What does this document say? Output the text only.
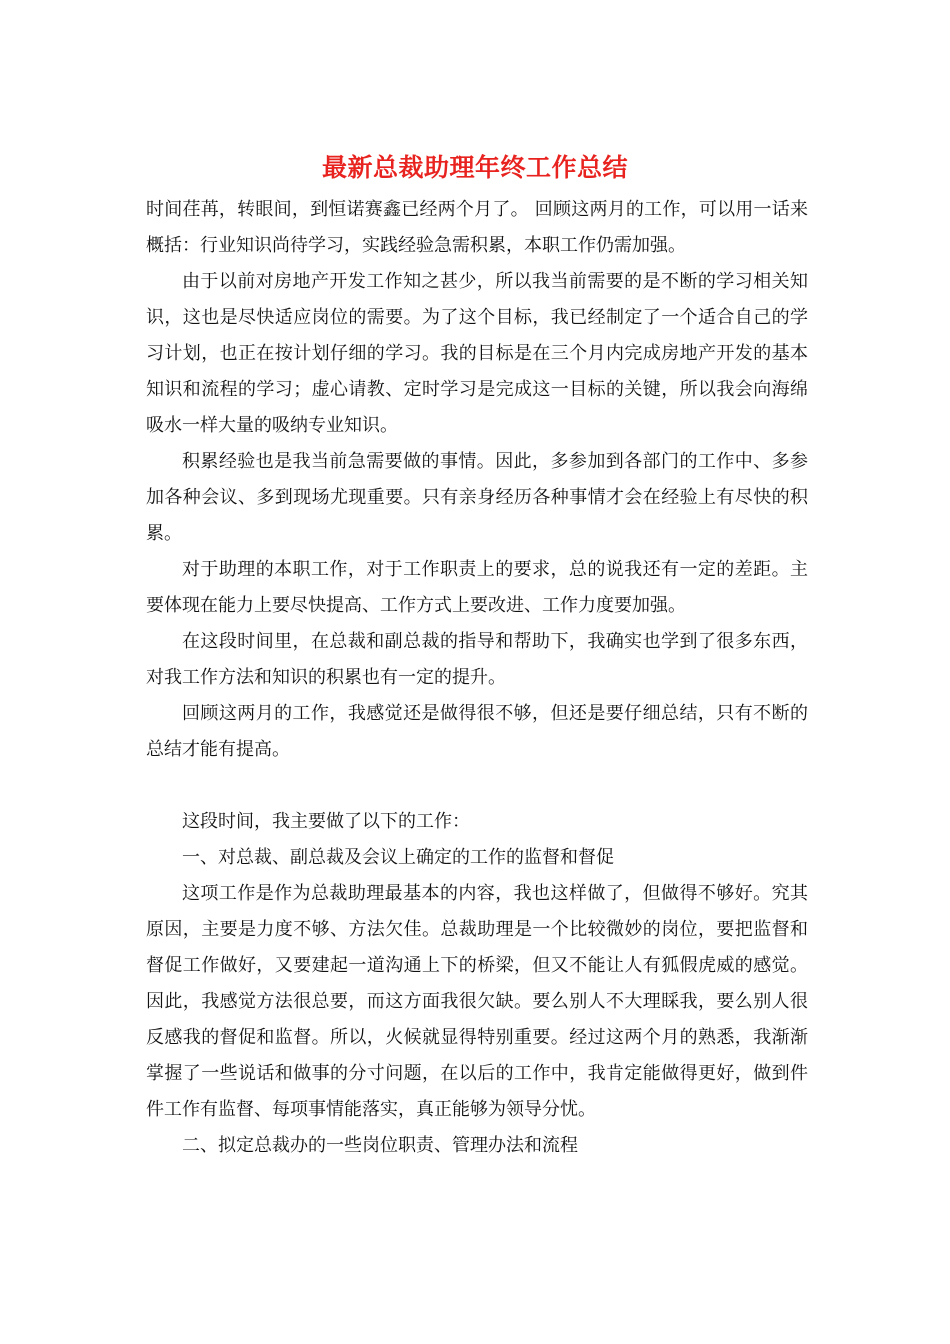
最新总裁助理年终工作总结

时间荏苒，转眼间，到恒诺赛鑫已经两个月了。 回顾这两月的工作，可以用一话来概括：行业知识尚待学习，实践经验急需积累，本职工作仍需加强。

由于以前对房地产开发工作知之甚少，所以我当前需要的是不断的学习相关知识，这也是尽快适应岗位的需要。为了这个目标，我已经制定了一个适合自己的学习计划，也正在按计划仔细的学习。我的目标是在三个月内完成房地产开发的基本知识和流程的学习；虚心请教、定时学习是完成这一目标的关键，所以我会向海绵吸水一样大量的吸纳专业知识。

积累经验也是我当前急需要做的事情。因此，多参加到各部门的工作中、多参加各种会议、多到现场尤现重要。只有亲身经历各种事情才会在经验上有尽快的积累。

对于助理的本职工作，对于工作职责上的要求，总的说我还有一定的差距。主要体现在能力上要尽快提高、工作方式上要改进、工作力度要加强。

在这段时间里，在总裁和副总裁的指导和帮助下，我确实也学到了很多东西，对我工作方法和知识的积累也有一定的提升。

回顾这两月的工作，我感觉还是做得很不够，但还是要仔细总结，只有不断的总结才能有提高。

这段时间，我主要做了以下的工作：

一、对总裁、副总裁及会议上确定的工作的监督和督促

这项工作是作为总裁助理最基本的内容，我也这样做了，但做得不够好。究其原因，主要是力度不够、方法欠佳。总裁助理是一个比较微妙的岗位，要把监督和督促工作做好，又要建起一道沟通上下的桥梁，但又不能让人有狐假虎威的感觉。因此，我感觉方法很总要，而这方面我很欠缺。要么别人不大理睬我，要么别人很反感我的督促和监督。所以，火候就显得特别重要。经过这两个月的熟悉，我渐渐掌握了一些说话和做事的分寸问题，在以后的工作中，我肯定能做得更好，做到件件工作有监督、每项事情能落实，真正能够为领导分忧。

二、拟定总裁办的一些岗位职责、管理办法和流程
